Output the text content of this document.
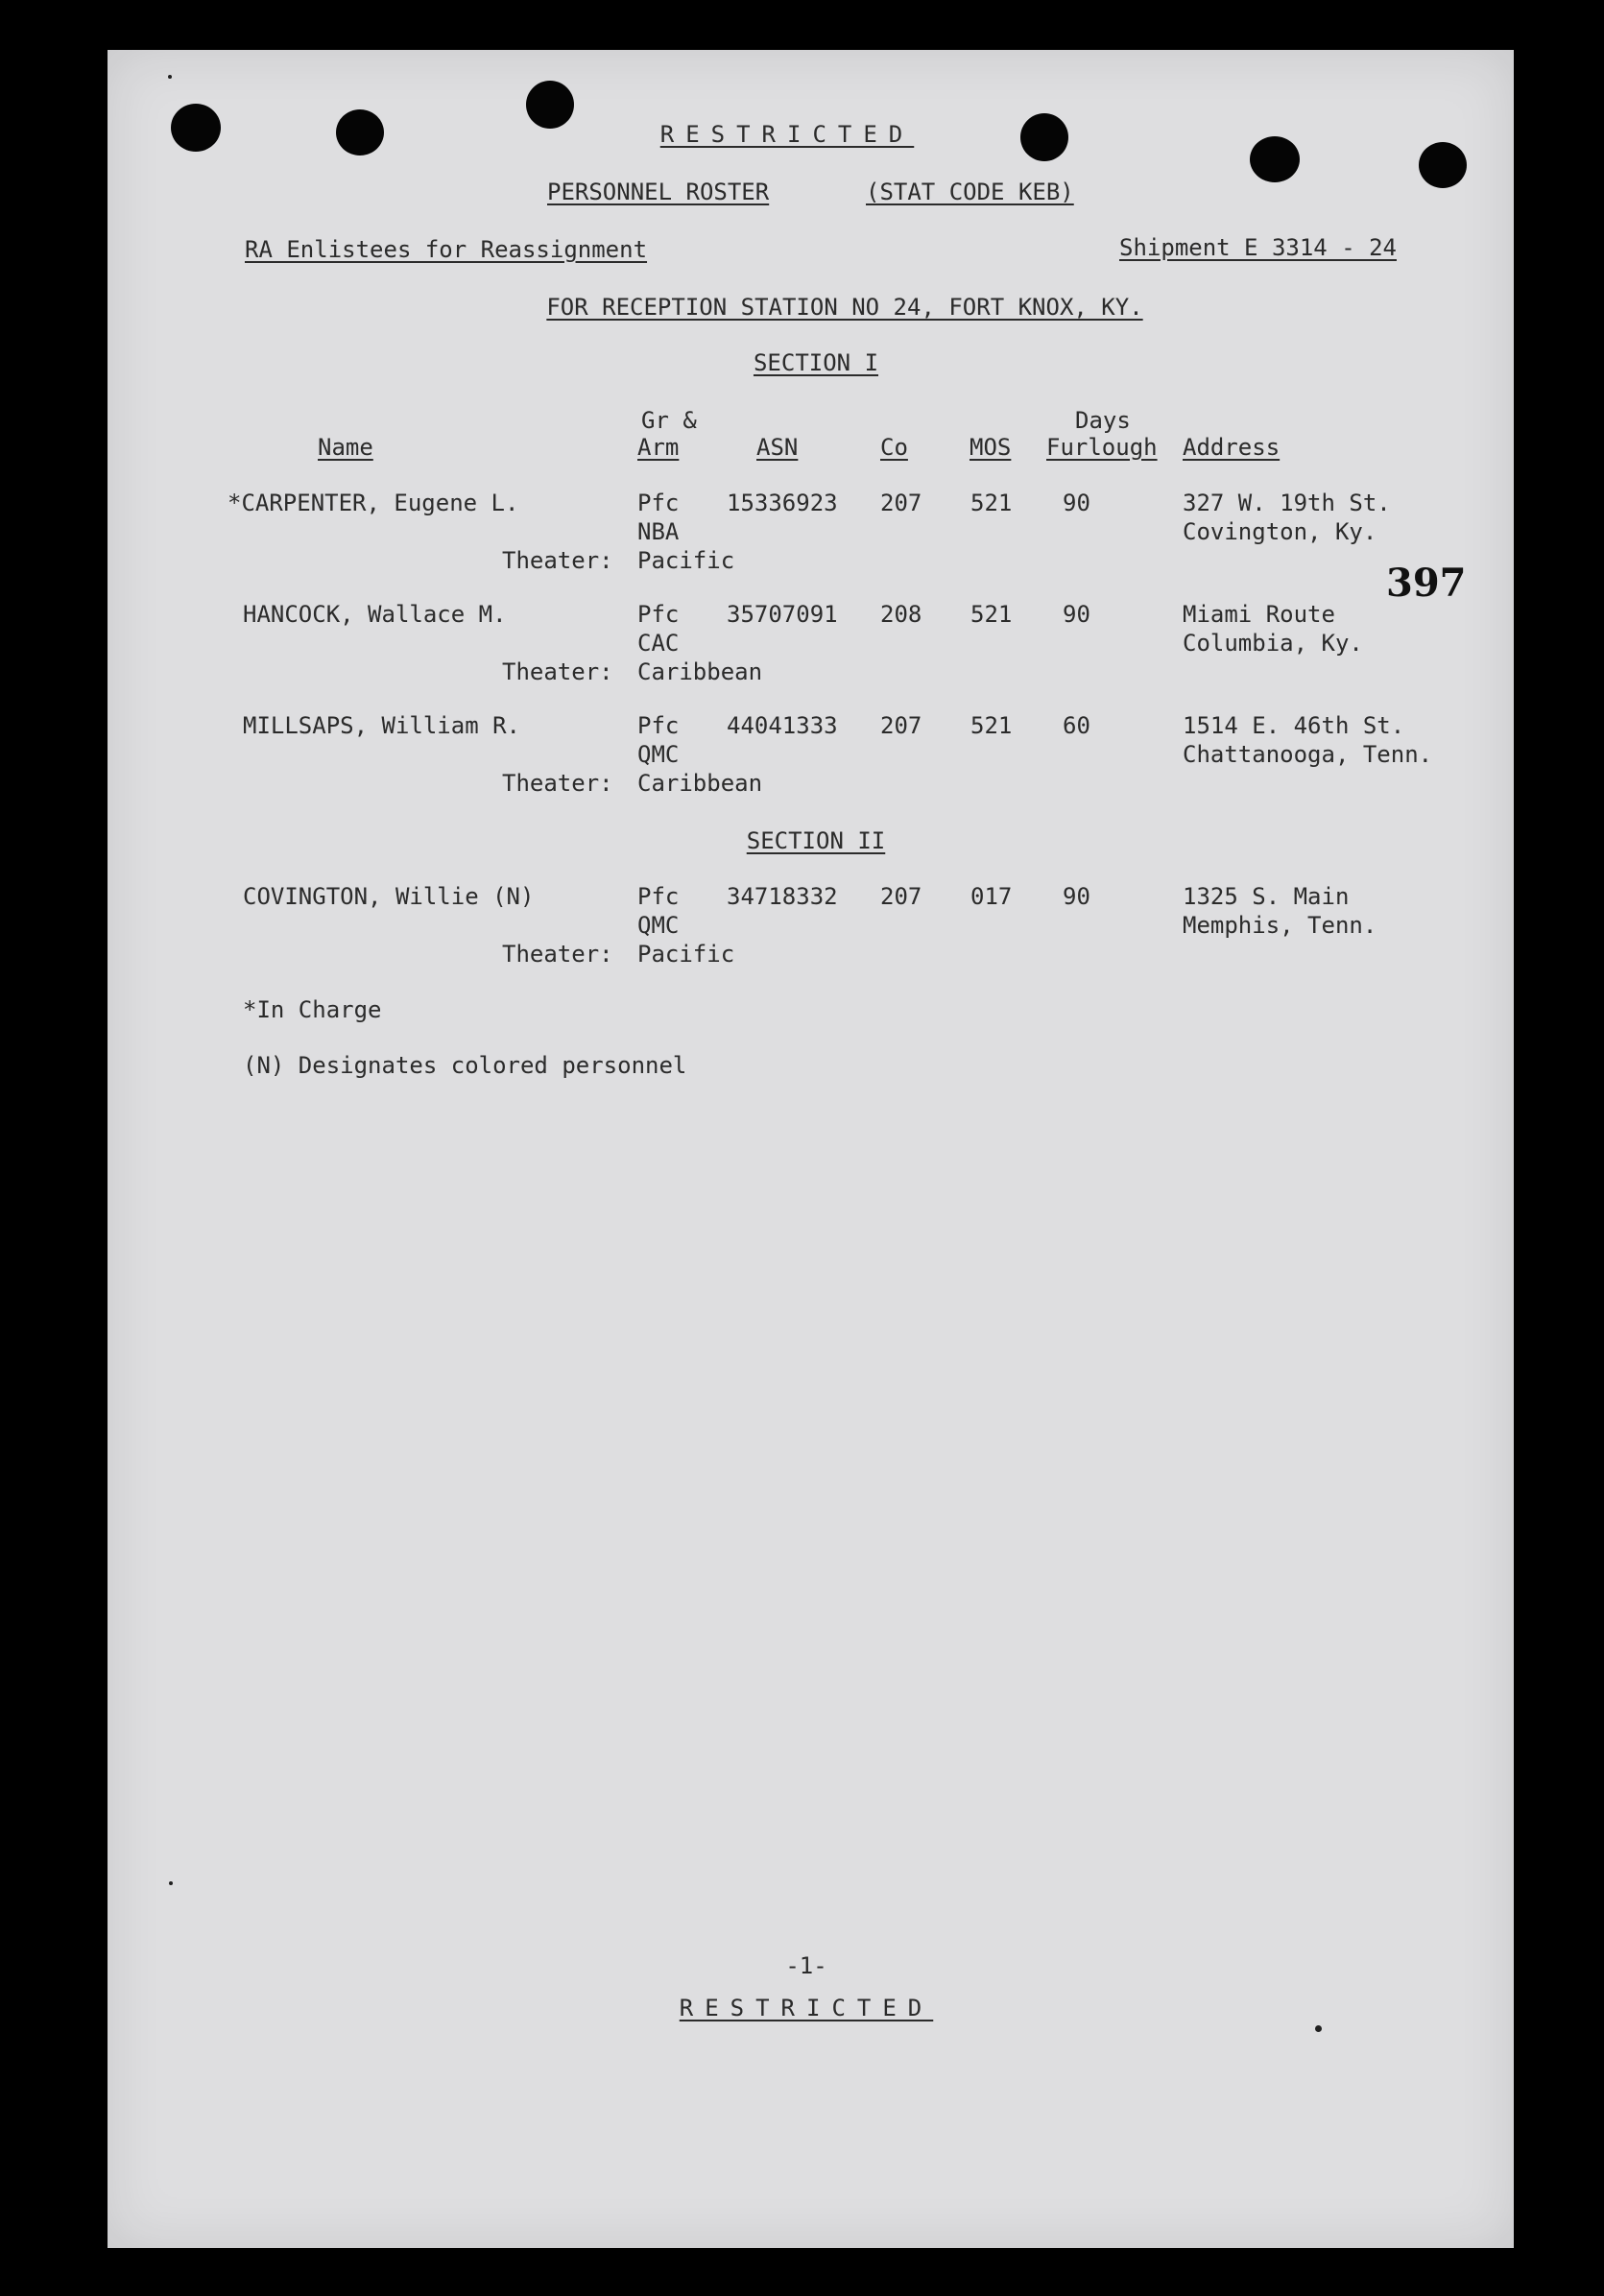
RESTRICTED
PERSONNEL ROSTER	(STAT CODE KEB)
RA Enlistees for Reassignment	Shipment E 3314 - 24
FOR RECEPTION STATION NO 24, FORT KNOX, KY.
SECTION I
Gr &	Days
Name	Arm	ASN	Co	MOS Furlough Address
*CARPENTER, Eugene L.	Pfc 15336923 207 521 90	327 W. 19th St.
NBA	Covington, Ky.
Theater: Pacific	397
HANCOCK, Wallace M.	Pfc 35707091 208 521 90	Miami Route
CAC	Columbia, Ky.
Theater: Caribbean
MILLSAPS, William R.	Pfc 44041333 207 521 60	1514 E. 46th St.
QMC	Chattanooga, Tenn.
Theater: Caribbean
SECTION II
COVINGTON, Willie (N)	Pfc 34718332 207 017 90	1325 S. Main
QMC	Memphis, Tenn.
Theater: Pacific
*In Charge
(N) Designates colored personnel
-1-
RESTRICTED
